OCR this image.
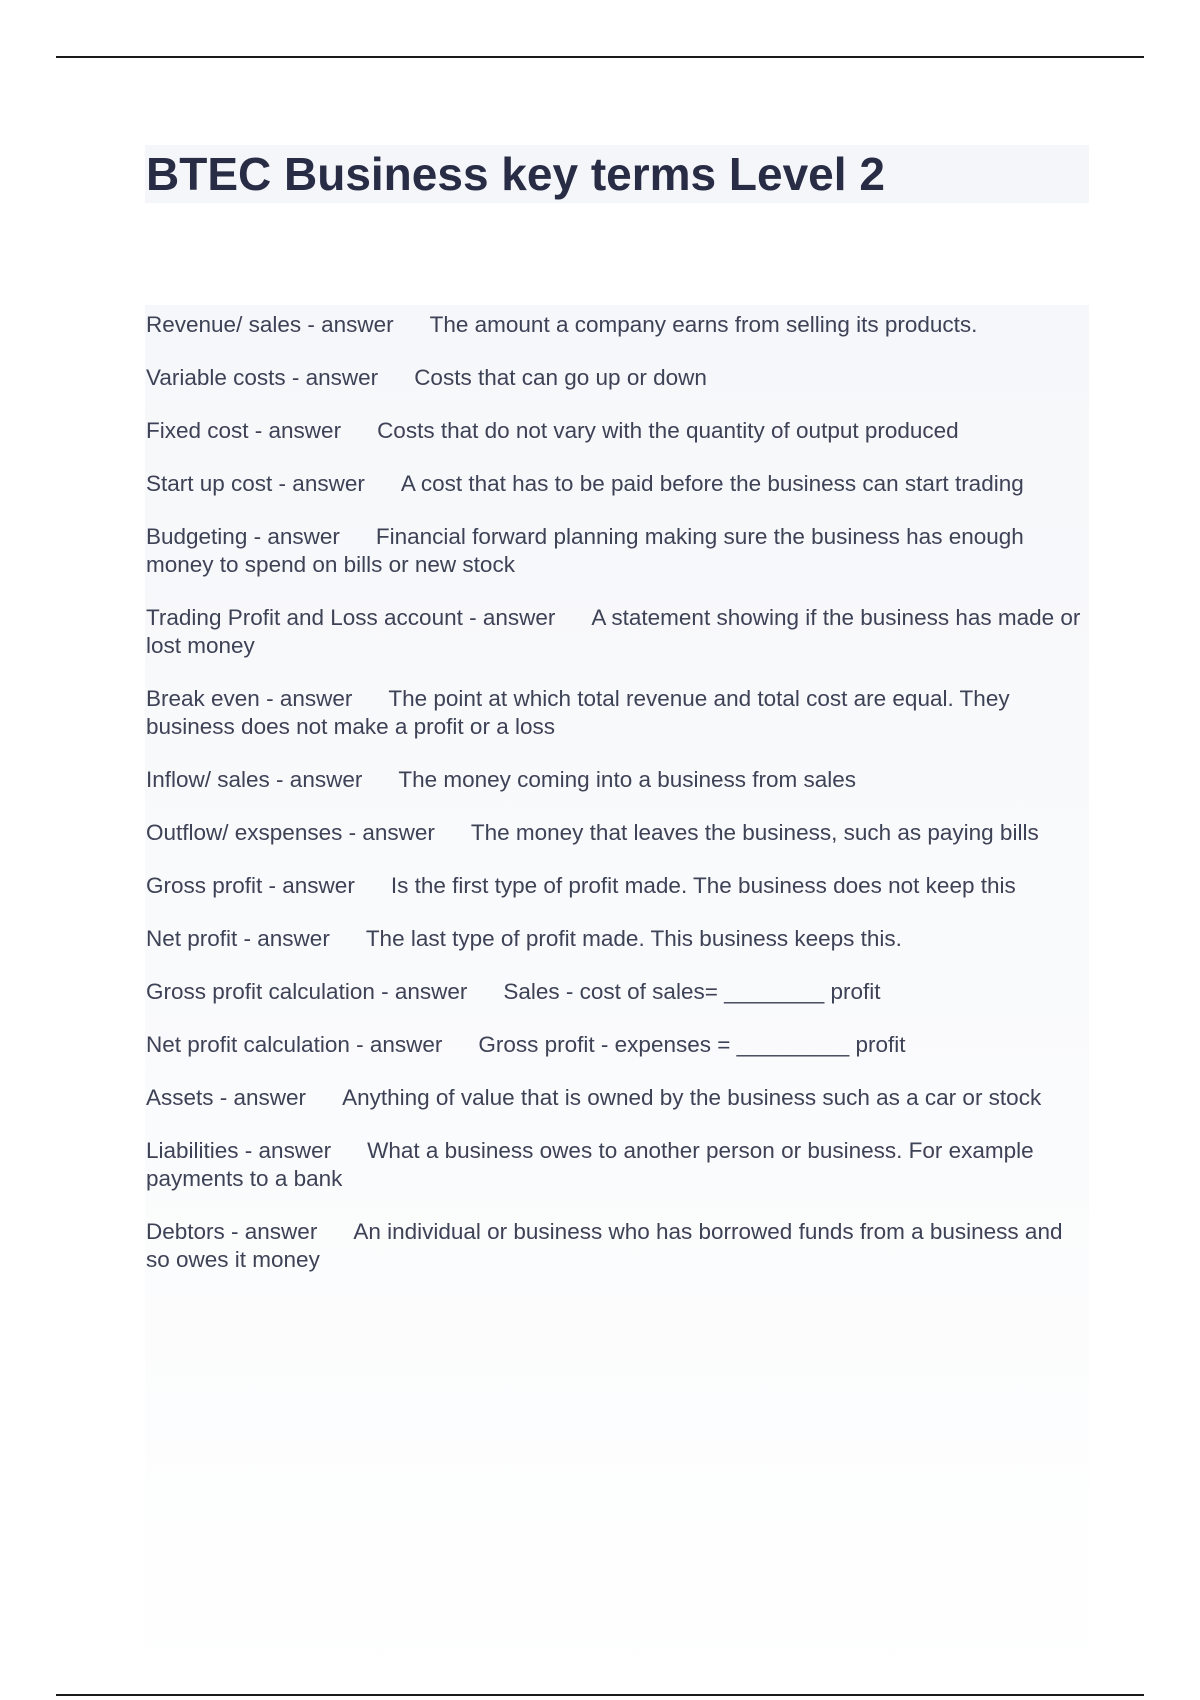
BTEC Business key terms Level 2
Revenue/ sales - answer The amount a company earns from selling its products.
Variable costs - answer Costs that can go up or down
Fixed cost - answer Costs that do not vary with the quantity of output produced
Start up cost - answer A cost that has to be paid before the business can start trading
Budgeting - answer Financial forward planning making sure the business has enough money to spend on bills or new stock
Trading Profit and Loss account - answer A statement showing if the business has made or lost money
Break even - answer The point at which total revenue and total cost are equal. They business does not make a profit or a loss
Inflow/ sales - answer The money coming into a business from sales
Outflow/ exspenses - answer The money that leaves the business, such as paying bills
Gross profit - answer Is the first type of profit made. The business does not keep this
Net profit - answer The last type of profit made. This business keeps this.
Gross profit calculation - answer Sales - cost of sales= ________ profit
Net profit calculation - answer Gross profit - expenses = _________ profit
Assets - answer Anything of value that is owned by the business such as a car or stock
Liabilities - answer What a business owes to another person or business. For example payments to a bank
Debtors - answer An individual or business who has borrowed funds from a business and so owes it money
